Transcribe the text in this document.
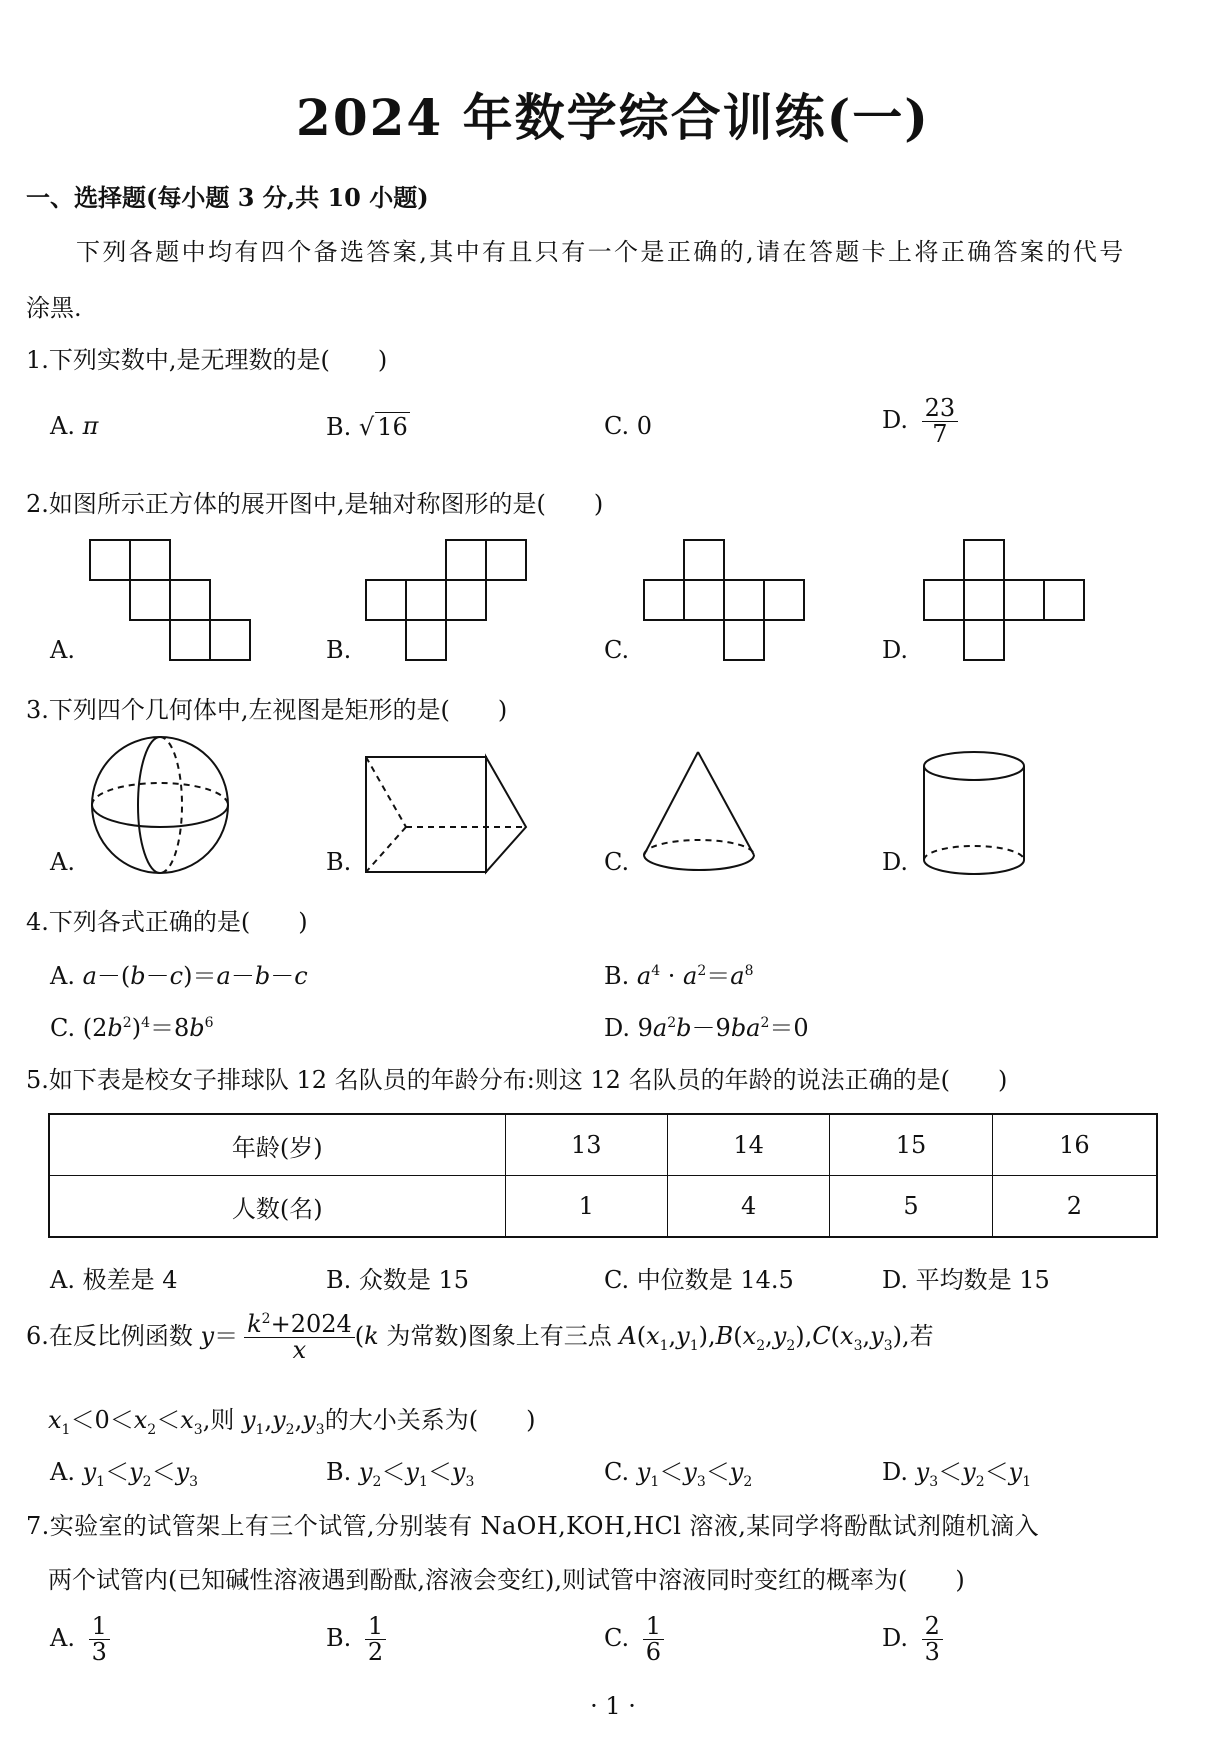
2024 年数学综合训练(一)
一、选择题(每小题 3 分,共 10 小题)
下列各题中均有四个备选答案,其中有且只有一个是正确的,请在答题卡上将正确答案的代号
涂黑.
1.下列实数中,是无理数的是(　　)
A. π	B. √ 16	C. 0	D. $\frac{23}{7}$
2.如图所示正方体的展开图中,是轴对称图形的是(　　)
A.	B.	C.	D.
3.下列四个几何体中,左视图是矩形的是(　　)
A.	B.	C.	D.
4.下列各式正确的是(　　)
A. a－(b－c)＝a－b－c	B. $a^4 \cdot a^2=a^8$
C. $(2b^2)^4=8b^6$	D. $9a^2b-9ba^2=0$
5.如下表是校女子排球队 12 名队员的年龄分布:则这 12 名队员的年龄的说法正确的是(　　)
年龄(岁)	13	14	15	16
人数(名)	1	4	5	2
A. 极差是 4	B. 众数是 15	C. 中位数是 14.5	D. 平均数是 15
6.在反比例函数 $y= \frac{k^2+2024}{x} (k$ 为常数)图象上有三点 $A(x_1,y_1),B(x_2,y_2),C(x_3,y_3)$,若
$x_1<0<x_2<x_3$,则 $y_1,y_2,y_3$的大小关系为(　　)
A. $y_1<y_2<y_3$	B. $y_2<y_1<y_3$	C. $y_1<y_3<y_2$	D. $y_3<y_2<y_1$
7.实验室的试管架上有三个试管,分别装有 NaOH,KOH,HCl 溶液,某同学将酚酞试剂随机滴入
两个试管内(已知碱性溶液遇到酚酞,溶液会变红),则试管中溶液同时变红的概率为(　　)
A. $\frac{1}{3}$	B. $\frac{1}{2}$	C. $\frac{1}{6}$	D. $\frac{2}{3}$
· 1 ·
